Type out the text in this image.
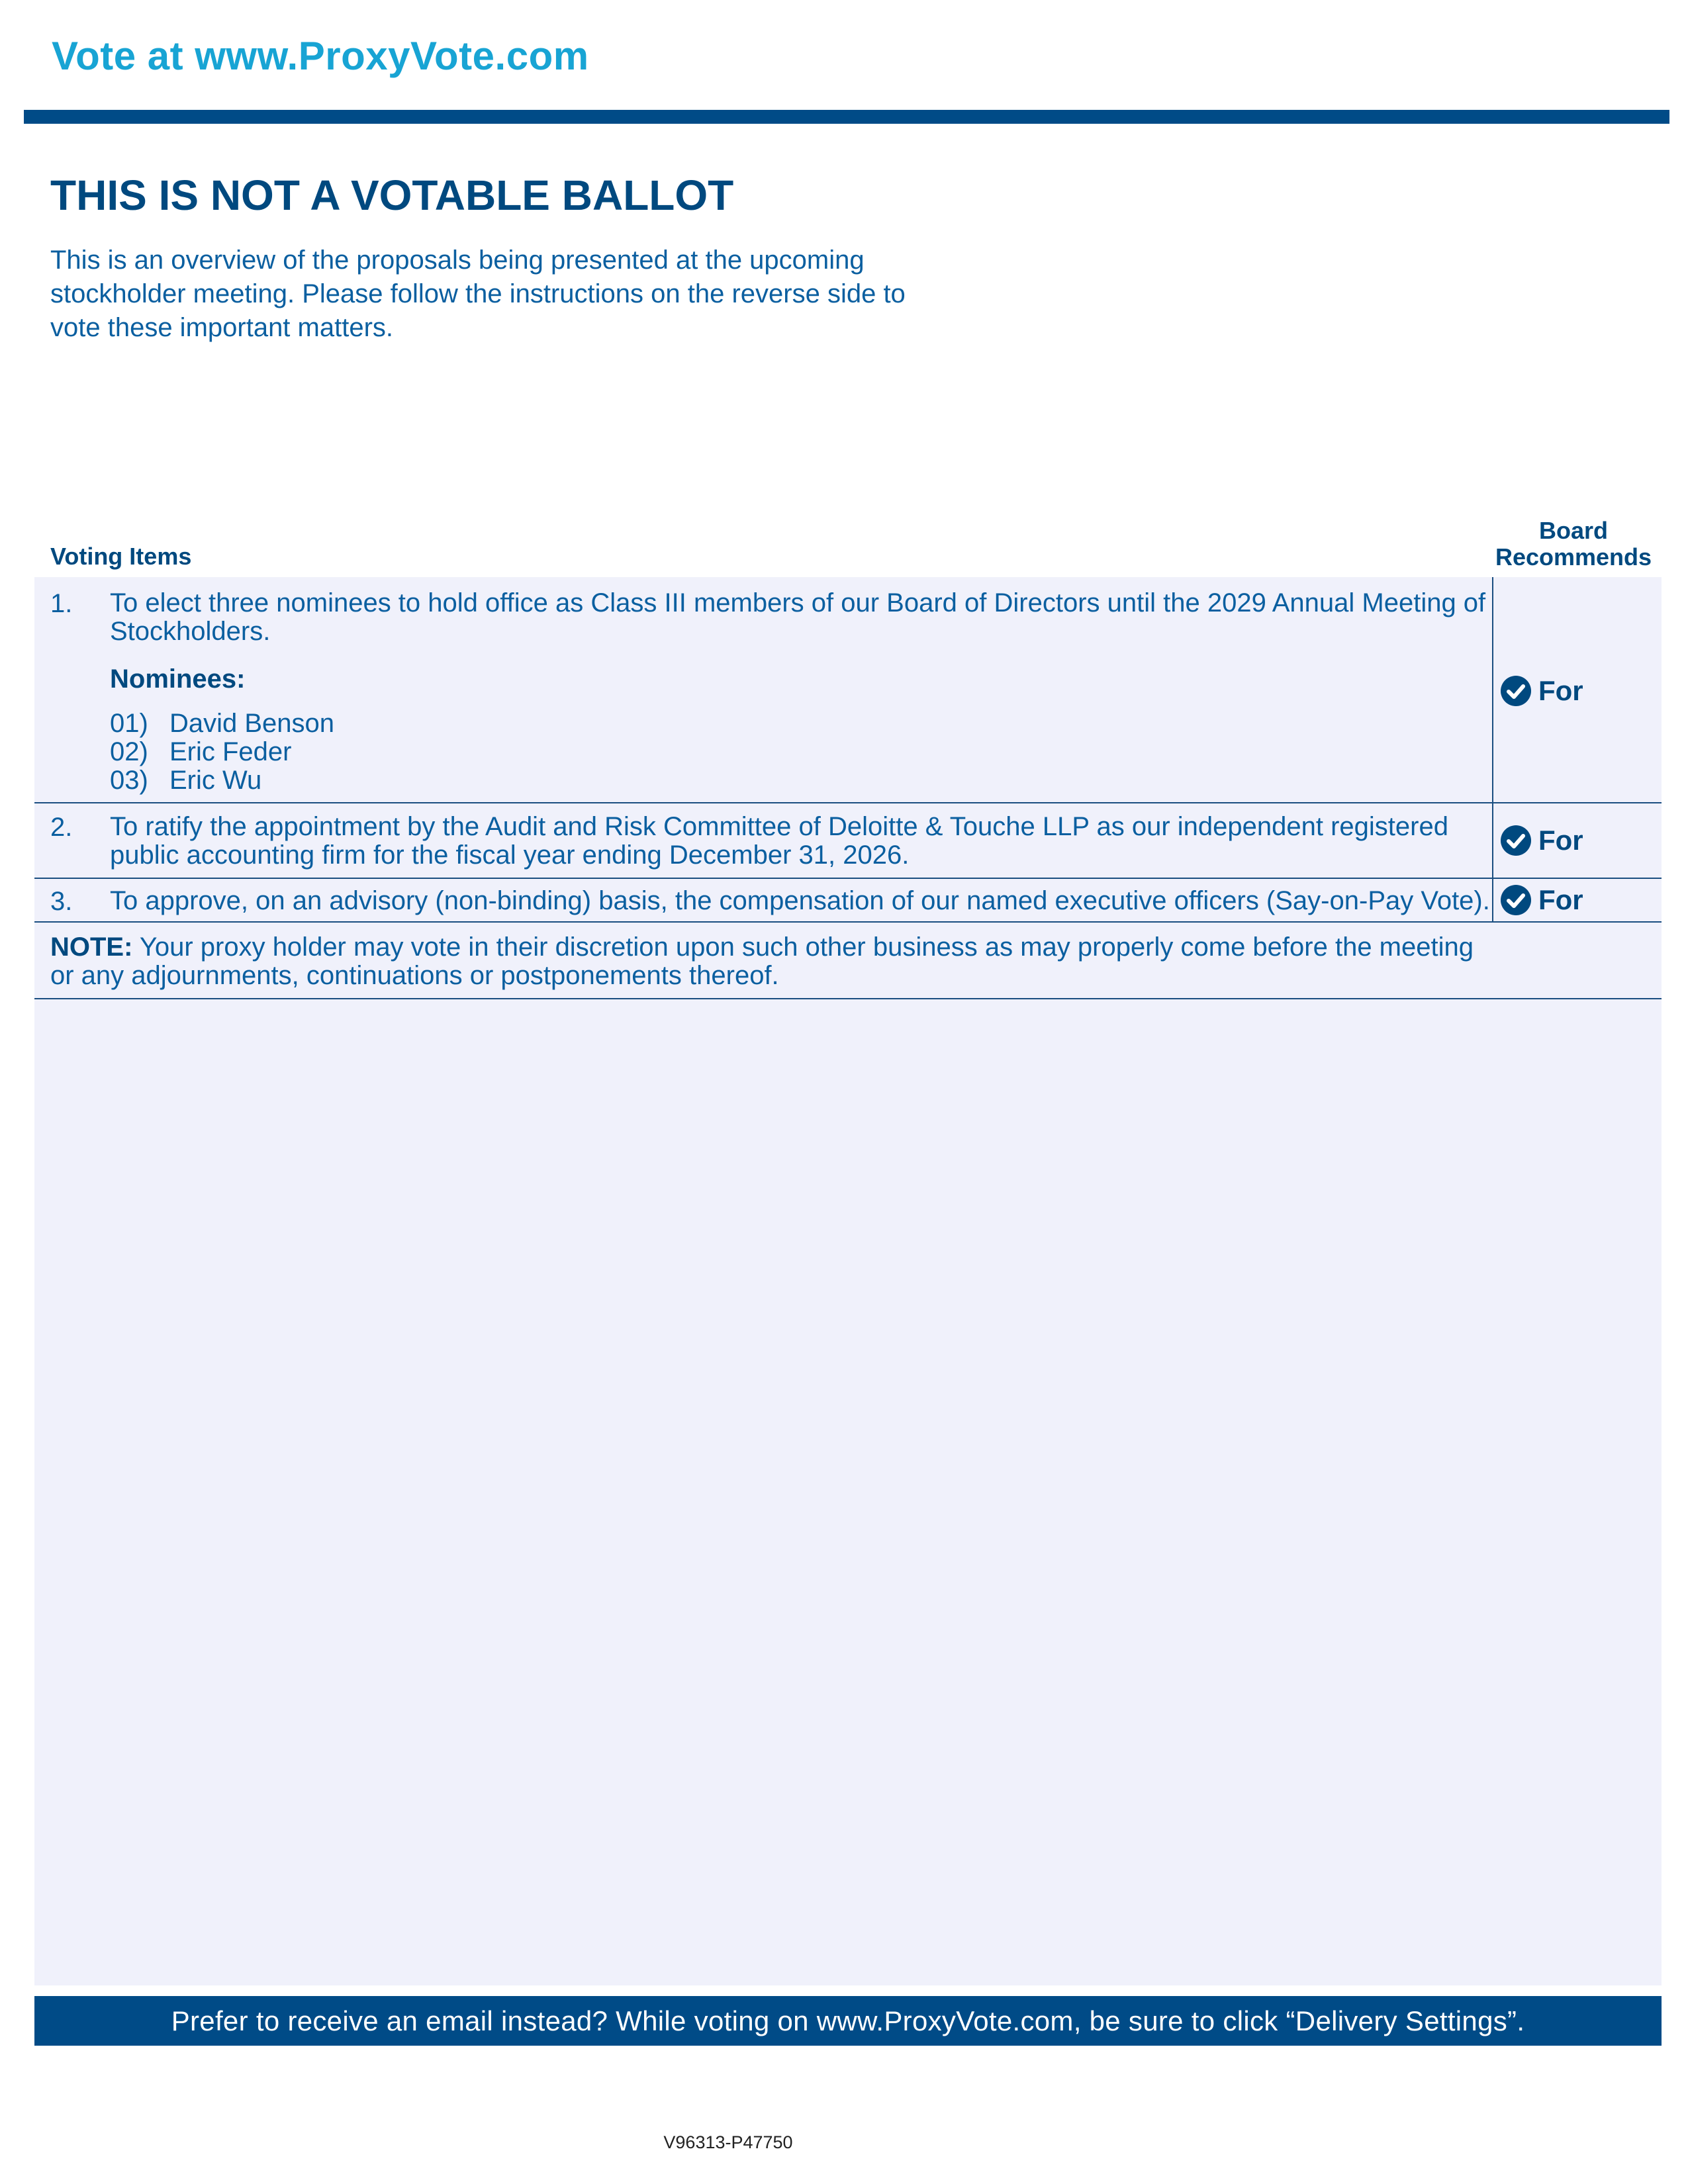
Vote at www.ProxyVote.com
THIS IS NOT A VOTABLE BALLOT
This is an overview of the proposals being presented at the upcoming stockholder meeting. Please follow the instructions on the reverse side to vote these important matters.
Voting Items
Board
Recommends
1. To elect three nominees to hold office as Class III members of our Board of Directors until the 2029 Annual Meeting of Stockholders.
Nominees:
01) David Benson
02) Eric Feder
03) Eric Wu
For
2. To ratify the appointment by the Audit and Risk Committee of Deloitte & Touche LLP as our independent registered public accounting firm for the fiscal year ending December 31, 2026.	For
3. To approve, on an advisory (non-binding) basis, the compensation of our named executive officers (Say-on-Pay Vote). For
NOTE: Your proxy holder may vote in their discretion upon such other business as may properly come before the meeting or any adjournments, continuations or postponements thereof.
Prefer to receive an email instead? While voting on www.ProxyVote.com, be sure to click “Delivery Settings”.
V96313-P47750
